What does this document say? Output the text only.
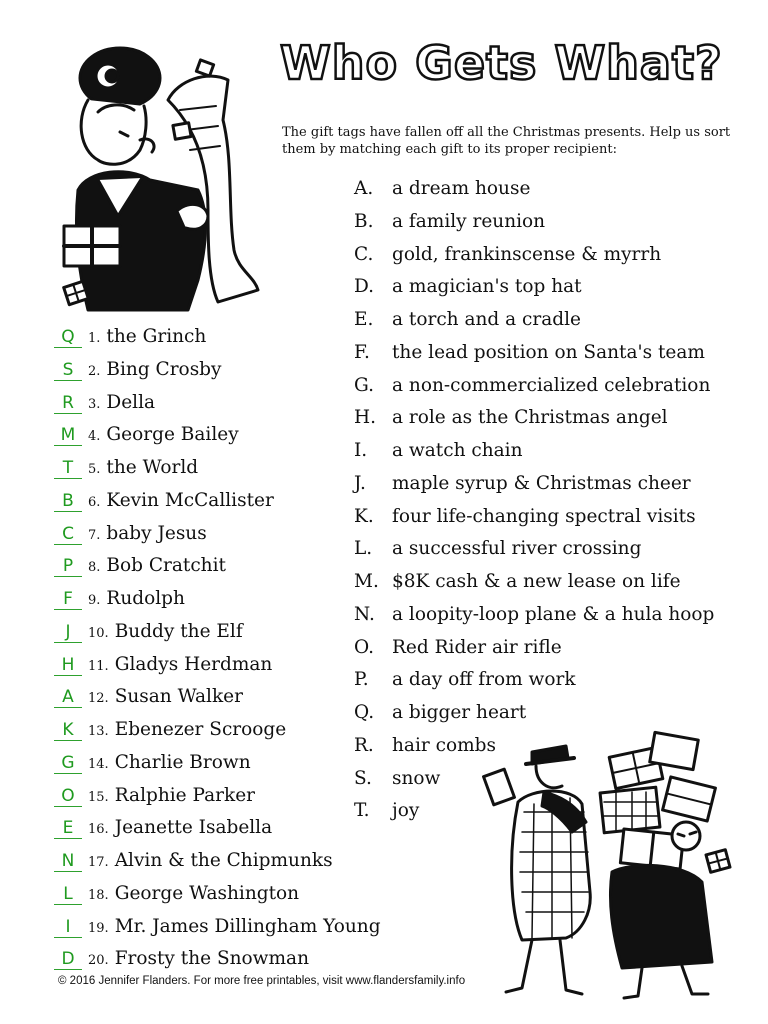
Who Gets What?
The gift tags have fallen off all the Christmas presents. Help us sort them by matching each gift to its proper recipient:
A. a dream house
B. a family reunion
C. gold, frankinscense & myrrh
D. a magician's top hat
E. a torch and a cradle
F. the lead position on Santa's team
G. a non-commercialized celebration
H. a role as the Christmas angel
I. a watch chain
J. maple syrup & Christmas cheer
K. four life-changing spectral visits
L. a successful river crossing
M. $8K cash & a new lease on life
N. a loopity-loop plane & a hula hoop
O. Red Rider air rifle
P. a day off from work
Q. a bigger heart
R. hair combs
S. snow
T. joy
Q 1. the Grinch
S 2. Bing Crosby
R 3. Della
M 4. George Bailey
T 5. the World
B 6. Kevin McCallister
C 7. baby Jesus
P 8. Bob Cratchit
F 9. Rudolph
J 10. Buddy the Elf
H 11. Gladys Herdman
A 12. Susan Walker
K 13. Ebenezer Scrooge
G 14. Charlie Brown
O 15. Ralphie Parker
E 16. Jeanette Isabella
N 17. Alvin & the Chipmunks
L 18. George Washington
I 19. Mr. James Dillingham Young
D 20. Frosty the Snowman
© 2016 Jennifer Flanders. For more free printables, visit www.flandersfamily.info
